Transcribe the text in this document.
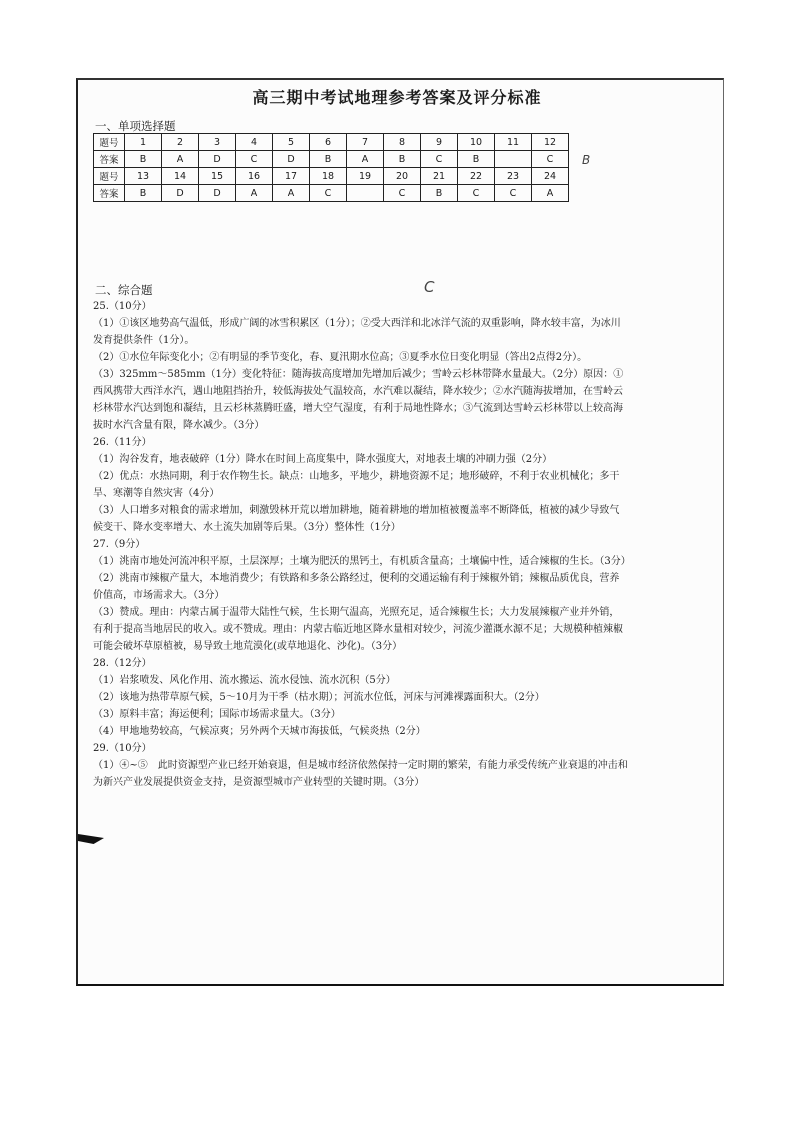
高三期中考试地理参考答案及评分标准
一、单项选择题
题号	1	2	3	4	5	6	7	8	9	10	11	12
答案	B	A	D	C	D	B	A	B	C	B		C
题号	13	14	15	16	17	18	19	20	21	22	23	24
答案	B	D	D	A	A	C		C	B	C	C	A
B
C
二、综合题

25.（10分）

（1）①该区地势高气温低，形成广阔的冰雪积累区（1分）；②受大西洋和北冰洋气流的双重影响，降水较丰富，为冰川发育提供条件（1分）。

（2）①水位年际变化小；②有明显的季节变化，春、夏汛期水位高；③夏季水位日变化明显（答出2点得2分）。

（3）325mm～585mm（1分）变化特征：随海拔高度增加先增加后减少；雪岭云杉林带降水量最大。（2分）原因：①西风携带大西洋水汽，遇山地阻挡抬升，较低海拔处气温较高，水汽难以凝结，降水较少；②水汽随海拔增加，在雪岭云杉林带水汽达到饱和凝结，且云杉林蒸腾旺盛，增大空气湿度，有利于局地性降水；③气流到达雪岭云杉林带以上较高海拔时水汽含量有限，降水减少。（3分）

26.（11分）

（1）沟谷发育，地表破碎（1分）降水在时间上高度集中，降水强度大，对地表土壤的冲刷力强（2分）

（2）优点：水热同期，利于农作物生长。缺点：山地多，平地少，耕地资源不足；地形破碎，不利于农业机械化；多干旱、寒潮等自然灾害（4分）

（3）人口增多对粮食的需求增加，刺激毁林开荒以增加耕地，随着耕地的增加植被覆盖率不断降低，植被的减少导致气候变干、降水变率增大、水土流失加剧等后果。（3分）整体性（1分）

27.（9分）

（1）洮南市地处河流冲积平原，土层深厚；土壤为肥沃的黑钙土，有机质含量高；土壤偏中性，适合辣椒的生长。（3分）

（2）洮南市辣椒产量大，本地消费少；有铁路和多条公路经过，便利的交通运输有利于辣椒外销；辣椒品质优良，营养价值高，市场需求大。（3分）

（3）赞成。理由：内蒙古属于温带大陆性气候，生长期气温高，光照充足，适合辣椒生长；大力发展辣椒产业并外销，有利于提高当地居民的收入。或不赞成。理由：内蒙古临近地区降水量相对较少，河流少灌溉水源不足；大规模种植辣椒可能会破坏草原植被，易导致土地荒漠化(或草地退化、沙化)。（3分）

28.（12分）

（1）岩浆喷发、风化作用、流水搬运、流水侵蚀、流水沉积（5分）

（2）该地为热带草原气候，5～10月为干季（枯水期）；河流水位低，河床与河滩裸露面积大。（2分）

（3）原料丰富；海运便利；国际市场需求量大。（3分）

（4）甲地地势较高，气候凉爽；另外两个天城市海拔低，气候炎热（2分）

29.（10分）

（1）④~⑤　此时资源型产业已经开始衰退，但是城市经济依然保持一定时期的繁荣，有能力承受传统产业衰退的冲击和为新兴产业发展提供资金支持，是资源型城市产业转型的关键时期。（3分）
